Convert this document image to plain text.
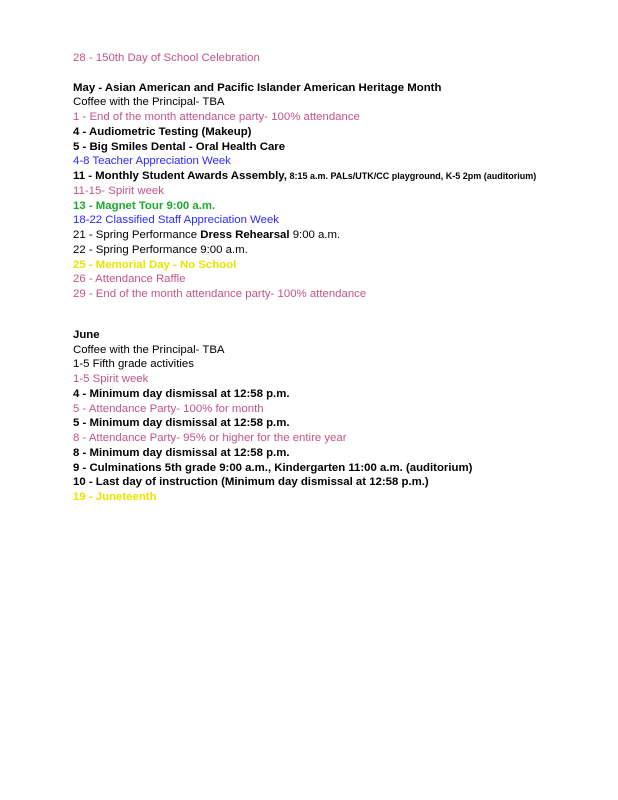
28 - 150th Day of School Celebration
May - Asian American and Pacific Islander American Heritage Month
Coffee with the Principal- TBA
1 - End of the month attendance party- 100% attendance
4 - Audiometric Testing (Makeup)
5 - Big Smiles Dental - Oral Health Care
4-8 Teacher Appreciation Week
11 - Monthly Student Awards Assembly, 8:15 a.m. PALs/UTK/CC playground, K-5 2pm (auditorium)
11-15- Spirit week
13 - Magnet Tour 9:00 a.m.
18-22 Classified Staff Appreciation Week
21 - Spring Performance Dress Rehearsal 9:00 a.m.
22 - Spring Performance 9:00 a.m.
25 - Memorial Day - No School
26 - Attendance Raffle
29 - End of the month attendance party- 100% attendance
June
Coffee with the Principal- TBA
1-5 Fifth grade activities
1-5 Spirit week
4 - Minimum day dismissal at 12:58 p.m.
5 - Attendance Party- 100% for month
5 - Minimum day dismissal at 12:58 p.m.
8 - Attendance Party- 95% or higher for the entire year
8 - Minimum day dismissal at 12:58 p.m.
9 - Culminations 5th grade 9:00 a.m., Kindergarten 11:00 a.m. (auditorium)
10 - Last day of instruction (Minimum day dismissal at 12:58 p.m.)
19 - Juneteenth
